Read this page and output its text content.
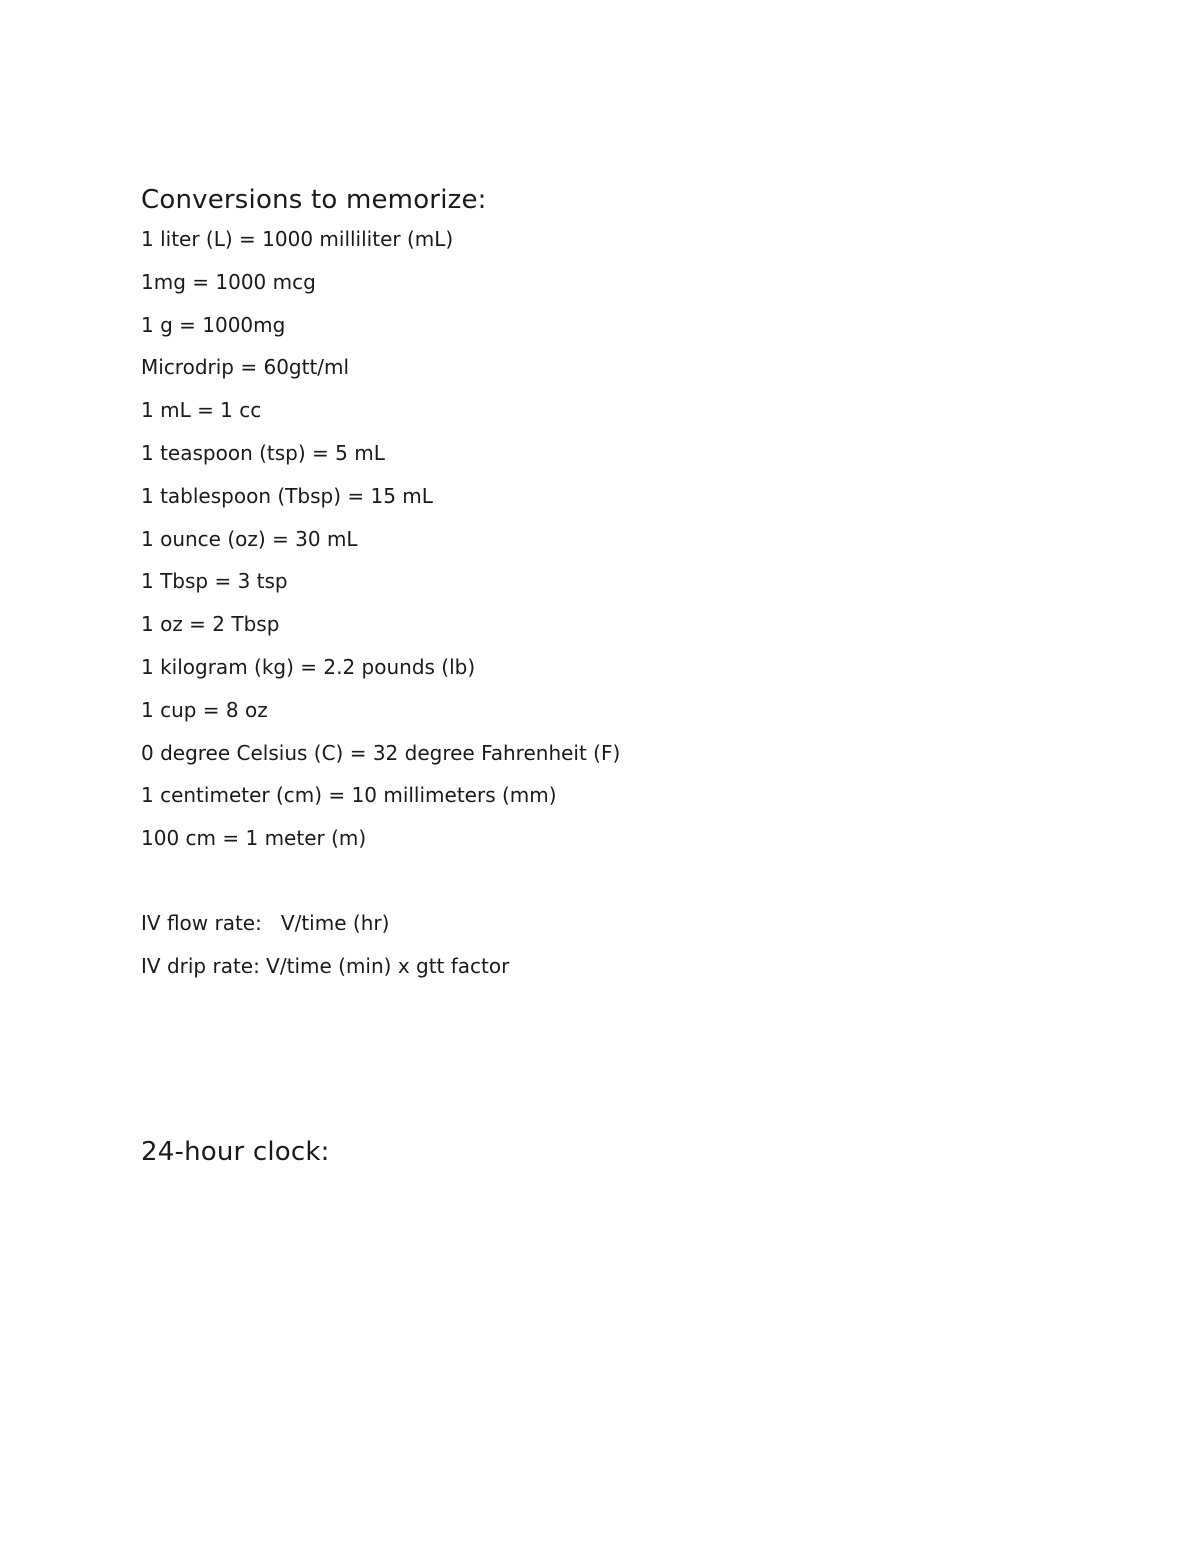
Conversions to memorize:
1 liter (L) = 1000 milliliter (mL)
1mg = 1000 mcg
1 g = 1000mg
Microdrip = 60gtt/ml
1 mL = 1 cc
1 teaspoon (tsp) = 5 mL
1 tablespoon (Tbsp) = 15 mL
1 ounce (oz) = 30 mL
1 Tbsp = 3 tsp
1 oz = 2 Tbsp
1 kilogram (kg) = 2.2 pounds (lb)
1 cup = 8 oz
0 degree Celsius (C) = 32 degree Fahrenheit (F)
1 centimeter (cm) = 10 millimeters (mm)
100 cm = 1 meter (m)
IV flow rate:   V/time (hr)
IV drip rate: V/time (min) x gtt factor
24-hour clock:
